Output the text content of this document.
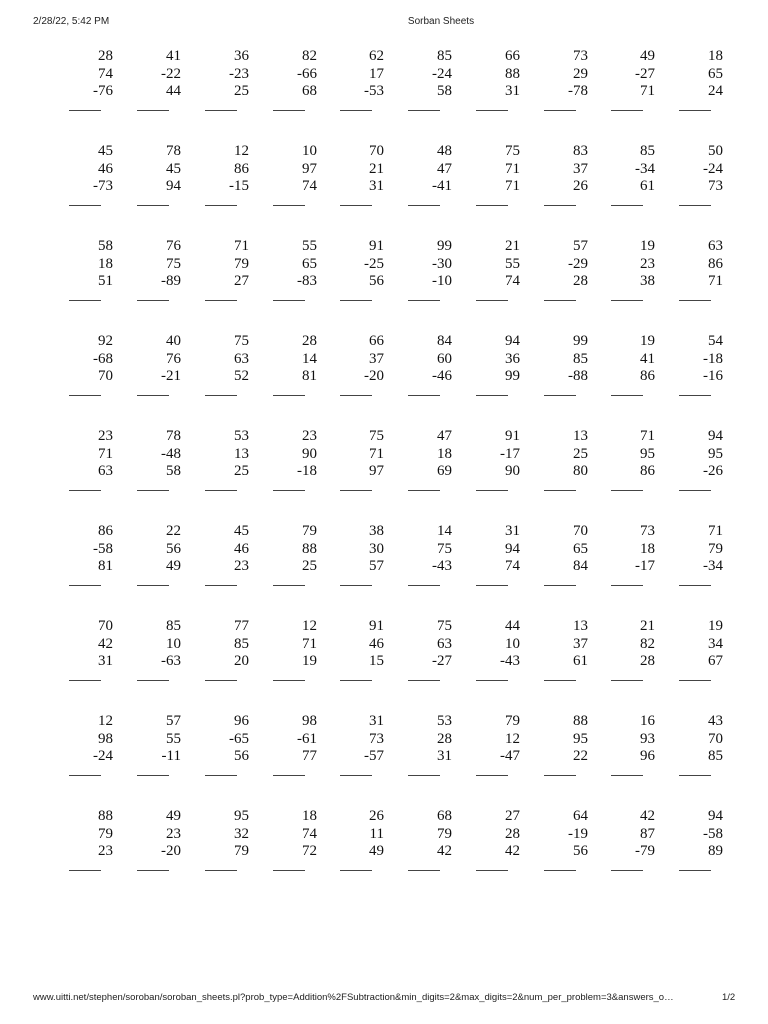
2/28/22, 5:42 PM	Sorban Sheets
28
74
-76
41
-22
44
36
-23
25
82
-66
68
62
17
-53
85
-24
58
66
88
31
73
29
-78
49
-27
71
18
65
24
45
46
-73
78
45
94
12
86
-15
10
97
74
70
21
31
48
47
-41
75
71
71
83
37
26
85
-34
61
50
-24
73
58
18
51
76
75
-89
71
79
27
55
65
-83
91
-25
56
99
-30
-10
21
55
74
57
-29
28
19
23
38
63
86
71
92
-68
70
40
76
-21
75
63
52
28
14
81
66
37
-20
84
60
-46
94
36
99
99
85
-88
19
41
86
54
-18
-16
23
71
63
78
-48
58
53
13
25
23
90
-18
75
71
97
47
18
69
91
-17
90
13
25
80
71
95
86
94
95
-26
86
-58
81
22
56
49
45
46
23
79
88
25
38
30
57
14
75
-43
31
94
74
70
65
84
73
18
-17
71
79
-34
70
42
31
85
10
-63
77
85
20
12
71
19
91
46
15
75
63
-27
44
10
-43
13
37
61
21
82
28
19
34
67
12
98
-24
57
55
-11
96
-65
56
98
-61
77
31
73
-57
53
28
31
79
12
-47
88
95
22
16
93
96
43
70
85
88
79
23
49
23
-20
95
32
79
18
74
72
26
11
49
68
79
42
27
28
42
64
-19
56
42
87
-79
94
-58
89
www.uitti.net/stephen/soroban/soroban_sheets.pl?prob_type=Addition%2FSubtraction&min_digits=2&max_digits=2&num_per_problem=3&answers_o…	1/2
